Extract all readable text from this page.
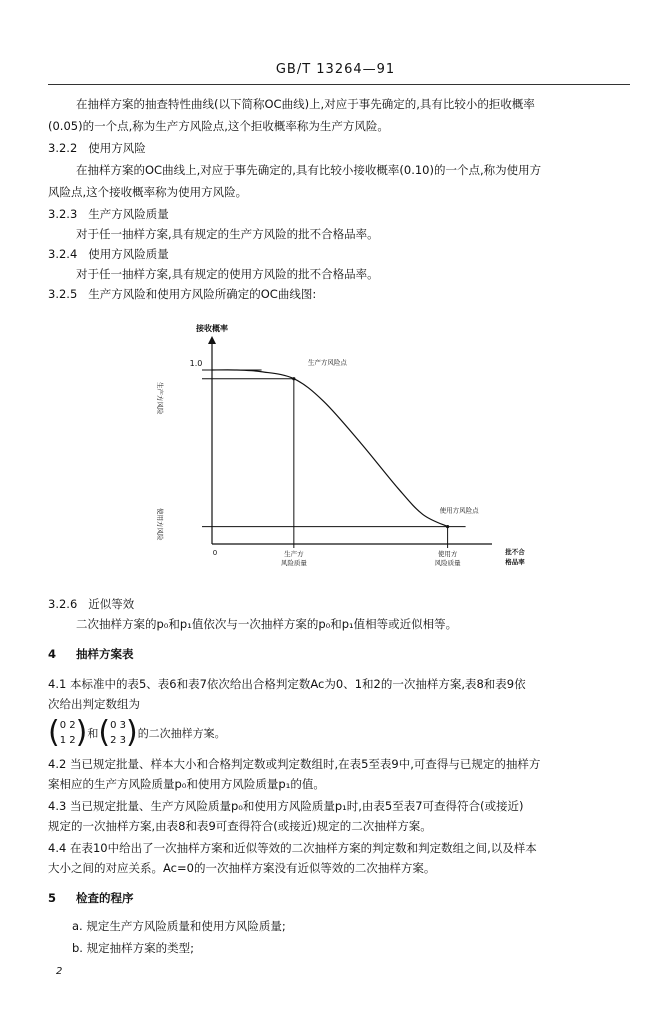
GB/T 13264—91
在抽样方案的抽查特性曲线(以下简称OC曲线)上,对应于事先确定的,具有比较小的拒收概率
(0.05)的一个点,称为生产方风险点,这个拒收概率称为生产方风险。
3.2.2 使用方风险
在抽样方案的OC曲线上,对应于事先确定的,具有比较小接收概率(0.10)的一个点,称为使用方
风险点,这个接收概率称为使用方风险。
3.2.3 生产方风险质量
对于任一抽样方案,具有规定的生产方风险的批不合格品率。
3.2.4 使用方风险质量
对于任一抽样方案,具有规定的使用方风险的批不合格品率。
3.2.5 生产方风险和使用方风险所确定的OC曲线图:
接收概率
1.0
生产方风险
使用方风险
0	生产方
风险质量
使用方
风险质量
批不合
格品率
生产方风险点
使用方风险点
3.2.6 近似等效
二次抽样方案的p₀和p₁值依次与一次抽样方案的p₀和p₁值相等或近似相等。
4 抽样方案表
4.1 本标准中的表5、表6和表7依次给出合格判定数Ac为0、1和2的一次抽样方案,表8和表9依
次给出判定数组为
( 0 2
1 2 ) 和 ( 0 3
2 3 ) 的二次抽样方案。
4.2 当已规定批量、样本大小和合格判定数或判定数组时,在表5至表9中,可查得与已规定的抽样方
案相应的生产方风险质量p₀和使用方风险质量p₁的值。
4.3 当已规定批量、生产方风险质量p₀和使用方风险质量p₁时,由表5至表7可查得符合(或接近)
规定的一次抽样方案,由表8和表9可查得符合(或接近)规定的二次抽样方案。
4.4 在表10中给出了一次抽样方案和近似等效的二次抽样方案的判定数和判定数组之间,以及样本
大小之间的对应关系。Ac=0的一次抽样方案没有近似等效的二次抽样方案。
5 检查的程序
a. 规定生产方风险质量和使用方风险质量;
b. 规定抽样方案的类型;
2
